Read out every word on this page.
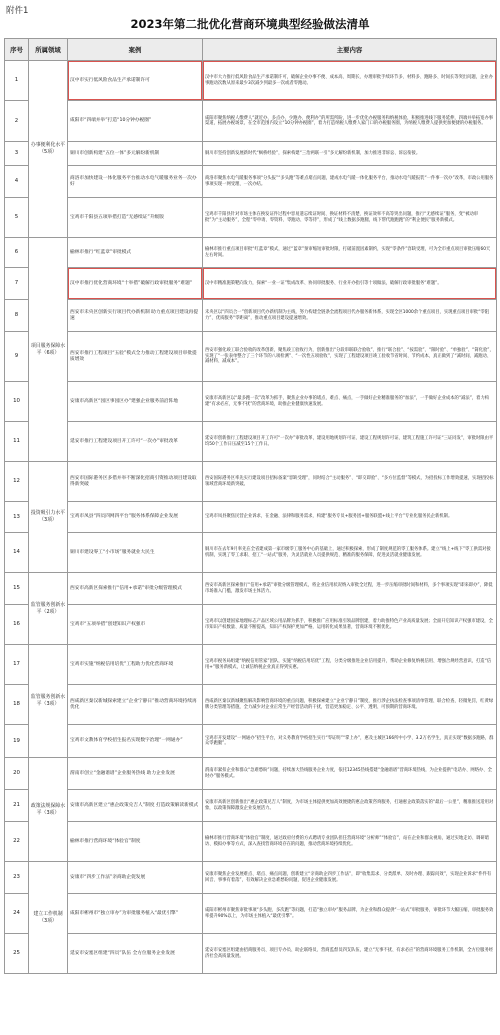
附件1
2023年第二批优化营商环境典型经验做法清单
序号	所属领域	案例	主要内容
1	办事便利化水平（5项）	汉中市实行低风险食品生产承诺制许可	汉中市大力推行低风险食品生产承诺制许可，破解企业办事不便、成本高、周期长、办理审批手续环节多、材料多、跑路多、时间长等突出问题，企业办事跑动次数从原来最少3次减少到最多一次或者零跑动。
2		咸阳市“四端并举”打造“10分钟办税圈”	咸阳市聚焦纳税人缴费人“就近办、多点办、少跑办、便利办”的所需所盼，进一步优化办税服务和纳税体验，积极推进线下服务延伸，四端并举拓宽办事渠道，拓展办税场景，在全市范围内设立“10分钟办税圈”，着力打造纳税人缴费人家门口的办税服务圈，为纳税人缴费人提供更加便捷的办税服务。
3		铜川市创新构建“五位一体”多元解纷新机制	铜川市坚持创新发展新时代“枫桥经验”，探索构建“三治两联一引”多元解纷新机制，加力推进非诉讼、诉讼衔接。
4		商洛市加快建设一体化服务平台推动水电气暖服务业务一次办好	商洛市聚焦水电气暖服务事项“分头报”“多头跑”等难点堵点问题，建成水电气暖一体化服务平台，推动水电气暖报装“一件事一次办”改革，市政公用服务事项实现一网受理、一次办结。
5		宝鸡市千阳县五项举措打造“无感续证”升级版	宝鸡市千阳县针对市场主体在换发证件过程中容易遗忘续证时间、换证材料不清楚、换证效率不高等突出问题，推行“无感续证”服务，变“被动审批”为“主动服务”，全程“零申请、零资料、零跑动、零等待”，形成了“线上数据多跑腿，线下帮代跑跑跑”的“利企便民”服务新模式。
6	项目服务保障水平（6项）	榆林市推行“红蓝章”审批模式	榆林市推行重点项目审批“红蓝章”模式，通过“蓝章”预审缩短审批时限，打破前置因素制约，实现“零条件”容缺受理，可为全市重点项目审批压缩60天左右时间。
7		汉中市推行优化营商环境“十举措”破解行政审批服务“难题”	汉中市精准施策靶向发力，探索“一业一证”集成改革、协同审批服务、行业开办指引等十项做法，破解行政审批服务“难题”。
8		西安市未央区创新实行项目代办新机制 助力重点项目建设再提速	未央区以“四员合一”创新项目代办新机制为主线，努力构建全链条全流程项目代办服务新体系，实现全区1000余个重点项目，实现重点项目审批“零阻力”、优质服务“零距离”，推动重点项目建设提速增效。
9		西安市推行工程项目“五验”模式全力推动工程建设项目审批提质增效	西安市强化竣工联合验收的改革创新，聚焦竣工验收行为，创新推出“分段串联联合验收”、推行“联合验”、“按需验”、“限时验”、“单独验”、“简化验”，实现了“一张表单整合了三个环节的八项检测”、“一次性五项验收”，实现了工程建设项目竣工验收节省时间、节约成本，真正做到了“减时间、减跑动、减材料、减成本”。
10		安康市高新区“园区事园区办”建强企业服务前沿阵地	安康市高新区以“最多跑一次”改革为抓手，聚焦企业办事的堵点、难点、痛点，一手做好企业精准服务的“加法”，一手做好企业成本的“减法”，着力构建“有求必应，无事不扰”的营商环境，助推企业健康快速发展。
11		延安市推行工程建设项目开工许可“一次办”审批改革	延安市创新推行工程建设项目开工许可“一次办”审批改革，建设用地规划许可证、建设工程规划许可证、建筑工程施工许可证“三证同发”，审批时限由平均50个工作日压减至15个工作日。
12	投资吸引力水平（3项）	西安市国际港务区多措并举不断深化招商引资推动项目建设取得新突破	西安国际港务区率先实行建设项目招标备案“容缺受理”，同时结合“主动服务”、“即交即验”、“多方位监督”等模式，为招投标工作增效提速，实现招投标领域营商环境新突破。
13		宝鸡市凤县“四员四网四平台”服务体系保障企业发展	宝鸡市凤县聚焦民营企业诉求，在金融、法律和服务需求，构建“服务专员+服务团+服务联盟+线上平台”专业化服务民企新机制。
14		铜川市建设零工“小市场”服务就业大民生	铜川市在去年9月率先在全省建成第一家市级零工服务中心的基础上，通过积极探索，形成了制度规范的零工服务体系。建立“线上+线下”零工供需对接机制，实现了零工求职、招工“一站式”服务，为灵活就业人员提供规范、精准的服务保障，促进灵活就业健康发展。
15	监管服务创新水平（2项）	西安市高新区探索推行“信用+承诺”审批分级管理模式	西安市高新区探索推行“信用+承诺”审批分级管理模式，将企业信用状况纳入审批全过程，进一步压缩审批时间和材料，多个事项实现“即来即办”，降低市场准入门槛，激发市场主体活力。
16		宝鸡市“五项举措”创建知识产权强市	宝鸡市以创建国家地理标志产品区域公用品牌为抓手，积极推广应用标准引领品牌创建，着力助推特色产业高质量发展；全面开启知识产权强市建设，全市知识产权数量、质量不断提高，知识产权保护更加严格，运用转化成果显著，营商环境不断优化。
17	监管服务创新水平（3项）	宝鸡市实施“纳税信用培优”工程助力优化营商环境	宝鸡市税务局组建“纳税信用管家”团队，实施“纳税信用培优”工程，分类分级推进企业信用提升，帮助企业修复纳税信用、增强合规经营意识，打造“信用+”服务新模式，让诚信纳税企业真正得到实惠。
18		西咸新区秦汉新城探索建立“企业宁静日”推动营商环境持续再优化	西咸新区秦汉新城聚焦解决影响营商环境的重点问题，积极探索建立“企业宁静日”制度，推行涉企执法检查事项清单管理、联合检查、轻微免罚，红黄绿牌分类管理等措施，全力减少对企业正常生产经营活动的干扰，营造更加稳定、公平、透明、可预期的营商环境。
19		宝鸡市文教体育学校招生报名实现数字治理“一网通办”	宝鸡市开发建设“一网通办”招生平台，对义务教育学校招生实行“零证明”“掌上办”，惠及主城区166所中小学、3.2万名学生，真正实现“数据多跑路，群众零跑腿”。
20	政策法规保障水平（3项）	渭南市创立“金融谱谱”企业服务热线 助力企业发展	渭南市紧扣企业和群众“急难愁盼”问题，持续加大热线服务企业力度，依托12345热线搭建“金融谱谱”营商环境热线，为企业提供“电话办、网络办、全时办”服务模式。
21		安康市高新区建立“惠企政策兑吉人”制度 打造政策解读新模式	安康市高新区创新推出“惠企政策兑吉人”制度，为市场主体提供更加高效便捷的惠企政策咨询服务，打通惠企政策落实的“最后一公里”，精准推送适用对象，以政策保障激发企业发展活力。
22		榆林市推行营商环境“体验官”制度	榆林市推行营商环境“体验官”制度，通过政府付费的方式聘请专业团队担任营商环境“分析师”“体验官”，站在企业和群众视角，通过实地走访、调研暗访、模拟办事等方式，深入查找营商环境存在的问题，推动营商环境持续优化。
23	建立工作机制（3项）	安康市“四步工作法”亲商助企促发展	安康市聚焦企业发展难点、堵点、痛点问题，创新建立“亲商助企四步工作法”，即“收集需求、分类派单、及时办理、跟踪问效”，实现企业诉求“件件有回音、事事有着落”，有效解决企业急难愁盼问题，促进企业健康发展。
24		咸阳市彬州市“独立审办”为审批服务植入“最优引擎”	咸阳市彬州市聚焦审批事项“多头跑、多次跑”等问题，打造“独立审办”服务品牌，为企业和群众提供“一站式”审批服务，审批环节大幅压缩，审批服务效率提升90%以上，为市场主体植入“最优引擎”。
25		延安市安塞区组建“四员”队伍 全方位服务企业发展	延安市安塞区组建由招商服务员、项目专办员、助企联络员、营商监督员四支队伍，建立“无事不扰、有求必应”的营商环境服务工作机制，全方位服务经济社会高质量发展。
